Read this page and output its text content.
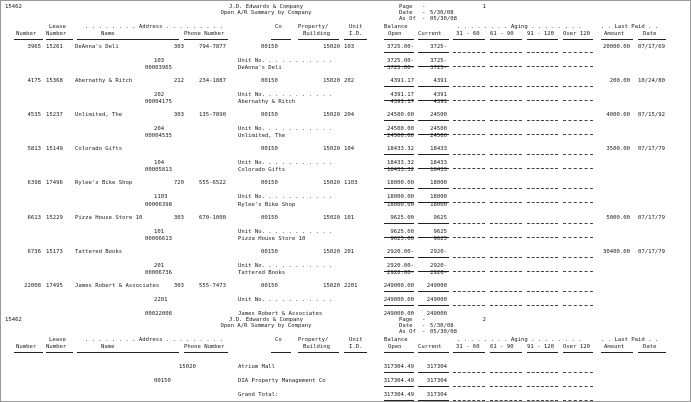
15462	J.D. Edwards & Company
Open A/R Summary by Company
Page -	1
Date - 5/30/08
As Of - 05/30/08
Number
Lease
Number
. . . . . . . . Address . . . . . . . . .
Name	Phone Number
Co	Property/
Building
Unit
I.D.
Balance
Open	Current
. . . . . . . . Aging . . . . . . . .
31 - 60 61 - 90 91 - 120 Over 120
. . Last Paid . .
Amount	Date
3965 15261 DeAnna's Deli	303	794-7877	00150	15020 103	3725.00-	3725-	20000.00 07/17/69
103	Unit No. . . . . . . . . . .	3725.00-	3725-
00003965	DeAnna's Deli	3725.00-	3725-
4175 15368 Abernathy & Ritch	212	234-1887	00150	15020 202	4391.17	4391	200.00 10/24/80
202	Unit No. . . . . . . . . . .	4391.17	4391
00004175	Abernathy & Ritch	4391.17	4391
4535 15237 Unlimited, The	303	135-7890	00150	15020 204	24500.00	24500	4000.00 07/15/92
204	Unit No. . . . . . . . . . .	24500.00	24500
00004535	Unlimited, The	24500.00	24500
5813 15149 Colorado Gifts	00150	15020 104	18433.32	18433	3500.00 07/17/79
104	Unit No. . . . . . . . . . .	18433.32	18433
00005813	Colorado Gifts	18433.32	18433
6398 17496 Rylee's Bike Shop	720	555-6522	00150	15020 1103	18000.00	18000
1103	Unit No. . . . . . . . . . .	18000.00	18000
00006398	Rylee's Bike Shop	18000.00	18000
6613 15229 Pizza House Store 10	303	670-1000	00150	15020 101	9625.00	9625	5000.00 07/17/79
101	Unit No. . . . . . . . . . .	9625.00	9625
00006613	Pizza House Store 10	9625.00	9625
6736 15173 Tattered Books	00150	15020 201	2920.00-	2920-	30400.00 07/17/79
201	Unit No. . . . . . . . . . .	2920.00-	2920-
00006736	Tattered Books	2920.00-	2920-
22008 17495 James Robert & Associates	303	555-7473	00150	15020 2201	249000.00 249000
2201	Unit No. . . . . . . . . . .	249000.00 249000
00022008	James Robert & Associates	249000.00 249000
15462	J.D. Edwards & Company
Open A/R Summary by Company
Page -	2
Date - 5/30/08
As Of - 05/30/08
Number
Lease
Number
. . . . . . . . Address . . . . . . . . .
Name	Phone Number
Co	Property/
Building
Unit
I.D.
Balance
Open	Current
. . . . . . . . Aging . . . . . . . .
31 - 60 61 - 90 91 - 120 Over 120
. . Last Paid . .
Amount	Date
15020	Atrium Mall	317304.49 317304
00150	DIA Property Management Co	317304.49 317304
Grand Total:	317304.49 317304
